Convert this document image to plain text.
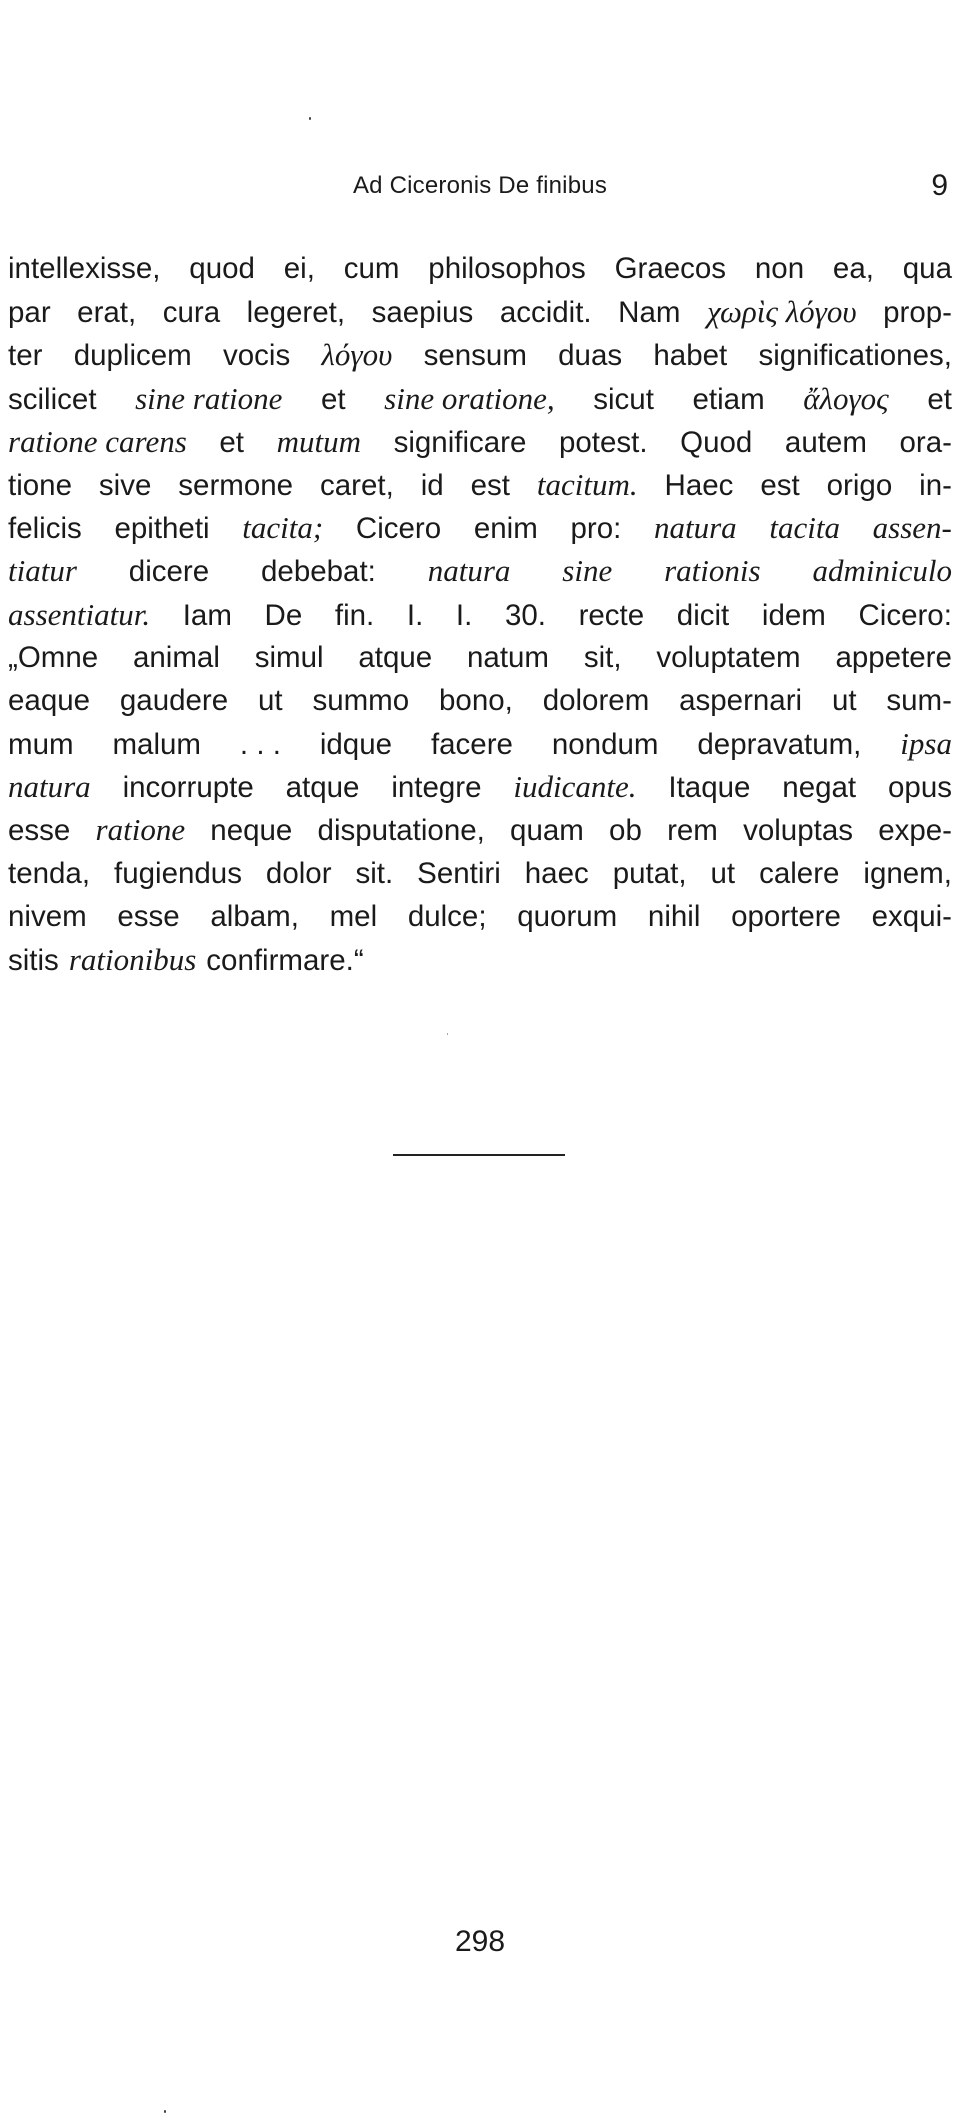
Ad Ciceronis De finibus	9
intellexisse, quod ei, cum philosophos Graecos non ea, qua
par erat, cura legeret, saepius accidit. Nam χωρὶς λόγου prop-
ter duplicem vocis λόγου sensum duas habet significationes,
scilicet sine ratione et sine oratione, sicut etiam ἄλογος et
ratione carens et mutum significare potest. Quod autem ora-
tione sive sermone caret, id est tacitum. Haec est origo in-
felicis epitheti tacita; Cicero enim pro: natura tacita assen-
tiatur dicere debebat: natura sine rationis adminiculo
assentiatur. Iam De fin. I. I. 30. recte dicit idem Cicero:
„Omne animal simul atque natum sit, voluptatem appetere
eaque gaudere ut summo bono, dolorem aspernari ut sum-
mum malum . . . idque facere nondum depravatum, ipsa
natura incorrupte atque integre iudicante. Itaque negat opus
esse ratione neque disputatione, quam ob rem voluptas expe-
tenda, fugiendus dolor sit. Sentiri haec putat, ut calere ignem,
nivem esse albam, mel dulce; quorum nihil oportere exqui-
sitis rationibus confirmare.“
298
